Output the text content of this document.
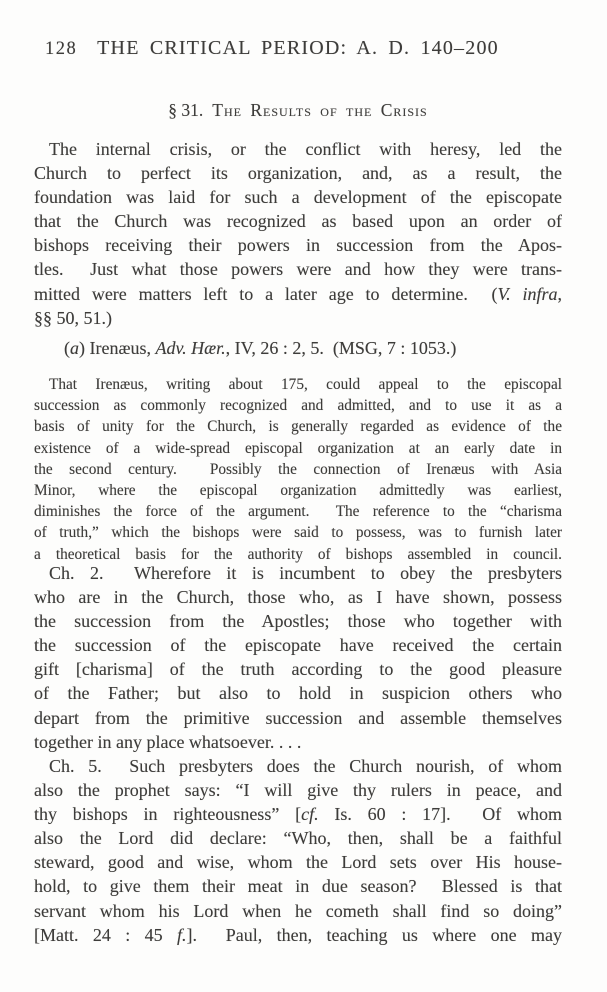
128 THE CRITICAL PERIOD: A. D. 140–200
§ 31. The Results of the Crisis
The internal crisis, or the conflict with heresy, led the
Church to perfect its organization, and, as a result, the
foundation was laid for such a development of the episcopate
that the Church was recognized as based upon an order of
bishops receiving their powers in succession from the Apos-
tles.  Just what those powers were and how they were trans-
mitted were matters left to a later age to determine.  (V. infra,
§§ 50, 51.)
(a) Irenæus, Adv. Hær., IV, 26 : 2, 5.  (MSG, 7 : 1053.)
That Irenæus, writing about 175, could appeal to the episcopal
succession as commonly recognized and admitted, and to use it as a
basis of unity for the Church, is generally regarded as evidence of the
existence of a wide-spread episcopal organization at an early date in
the second century.  Possibly the connection of Irenæus with Asia
Minor, where the episcopal organization admittedly was earliest,
diminishes the force of the argument.  The reference to the “charisma
of truth,” which the bishops were said to possess, was to furnish later
a theoretical basis for the authority of bishops assembled in council.
Ch. 2.  Wherefore it is incumbent to obey the presbyters
who are in the Church, those who, as I have shown, possess
the succession from the Apostles; those who together with
the succession of the episcopate have received the certain
gift [charisma] of the truth according to the good pleasure
of the Father; but also to hold in suspicion others who
depart from the primitive succession and assemble themselves
together in any place whatsoever. . . .
Ch. 5.  Such presbyters does the Church nourish, of whom
also the prophet says: “I will give thy rulers in peace, and
thy bishops in righteousness” [cf. Is. 60 : 17].  Of whom
also the Lord did declare: “Who, then, shall be a faithful
steward, good and wise, whom the Lord sets over His house-
hold, to give them their meat in due season?  Blessed is that
servant whom his Lord when he cometh shall find so doing”
[Matt. 24 : 45 f.].  Paul, then, teaching us where one may
